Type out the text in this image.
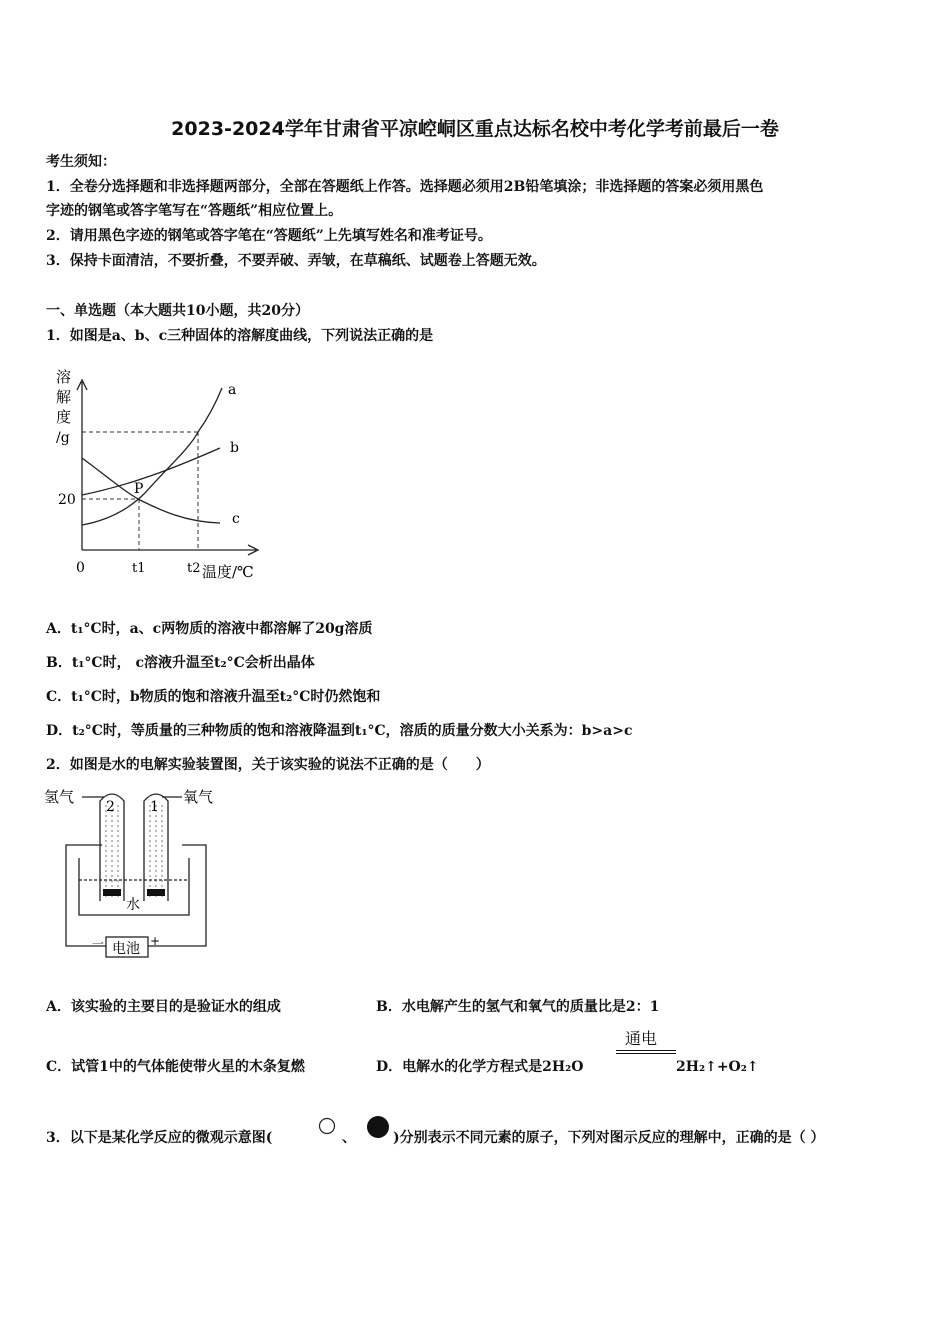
2023-2024学年甘肃省平凉崆峒区重点达标名校中考化学考前最后一卷
考生须知：
1．全卷分选择题和非选择题两部分，全部在答题纸上作答。选择题必须用2B铅笔填涂；非选择题的答案必须用黑色
字迹的钢笔或答字笔写在“答题纸”相应位置上。
2．请用黑色字迹的钢笔或答字笔在“答题纸”上先填写姓名和准考证号。
3．保持卡面清洁，不要折叠，不要弄破、弄皱，在草稿纸、试题卷上答题无效。
一、单选题（本大题共10小题，共20分）
1．如图是a、b、c三种固体的溶解度曲线，下列说法正确的是
溶
解
度
/g
20
0	t1	t2 温度/℃
a
b
c
P
A．t₁°C时，a、c两物质的溶液中都溶解了20g溶质
B．t₁°C时， c溶液升温至t₂°C会析出晶体
C．t₁°C时，b物质的饱和溶液升温至t₂°C时仍然饱和
D．t₂°C时，等质量的三种物质的饱和溶液降温到t₁°C，溶质的质量分数大小关系为：b>a>c
2．如图是水的电解实验装置图，关于该实验的说法不正确的是（　　）
氢气	氧气
2	1
水
电池
一	+
A．该实验的主要目的是验证水的组成	B．水电解产生的氢气和氧气的质量比是2：1
C．试管1中的气体能使带火星的木条复燃	D．电解水的化学方程式是2H₂O
通电
2H₂↑+O₂↑
3．以下是某化学反应的微观示意图(	、	)分别表示不同元素的原子，下列对图示反应的理解中，正确的是（ ）
